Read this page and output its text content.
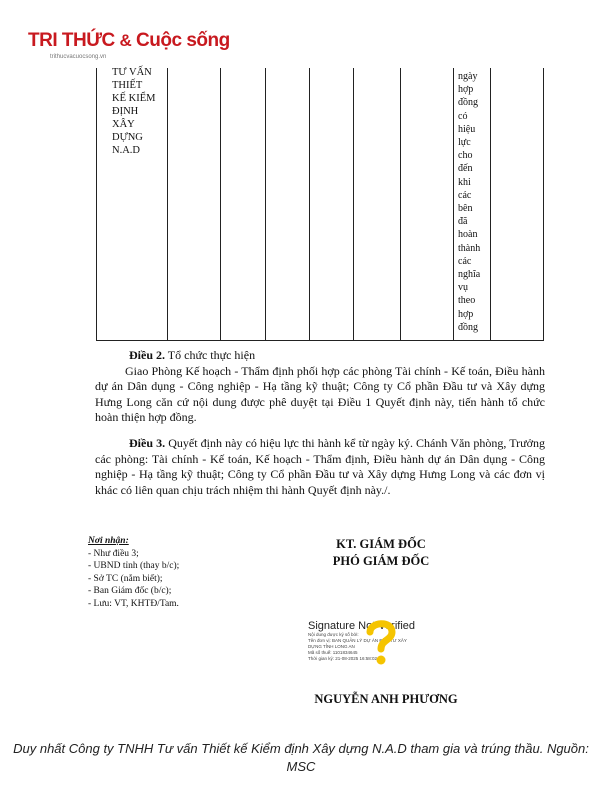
TRI THỨC & Cuộc sống
trithucvacuocsong.vn
TƯ VẤN
THIẾT
KẾ KIỂM
ĐỊNH
XÂY
DỰNG
N.A.D
ngày
hợp
đồng
có
hiệu
lực
cho
đến
khi
các
bên
đã
hoàn
thành
các
nghĩa
vụ
theo
hợp
đồng
Điều 2. Tổ chức thực hiện
Giao Phòng Kế hoạch - Thẩm định phối hợp các phòng Tài chính - Kế toán, Điều hành dự án Dân dụng - Công nghiệp - Hạ tầng kỹ thuật; Công ty Cổ phần Đầu tư và Xây dựng Hưng Long căn cứ nội dung được phê duyệt tại Điều 1 Quyết định này, tiến hành tổ chức hoàn thiện hợp đồng.
Điều 3. Quyết định này có hiệu lực thi hành kể từ ngày ký. Chánh Văn phòng, Trưởng các phòng: Tài chính - Kế toán, Kế hoạch - Thẩm định, Điều hành dự án Dân dụng - Công nghiệp - Hạ tầng kỹ thuật; Công ty Cổ phần Đầu tư và Xây dựng Hưng Long và các đơn vị khác có liên quan chịu trách nhiệm thi hành Quyết định này./.
Nơi nhận:
- Như điều 3;
- UBND tỉnh (thay b/c);
- Sở TC (nắm biết);
- Ban Giám đốc (b/c);
- Lưu: VT, KHTĐ/Tam.
KT. GIÁM ĐỐC
PHÓ GIÁM ĐỐC
Signature Not Verified
Nội dung được ký số bởi:
Tên đơn vị: BAN QUẢN LÝ DỰ ÁN ĐẦU TƯ XÂY
DỰNG TỈNH LONG AN
Mã số thuế: 1101834645
Thời gian ký: 21-08-2025 16:58:02
NGUYỄN ANH PHƯƠNG
Duy nhất Công ty TNHH Tư vấn Thiết kế Kiểm định Xây dựng N.A.D tham gia và trúng thầu. Nguồn: MSC
